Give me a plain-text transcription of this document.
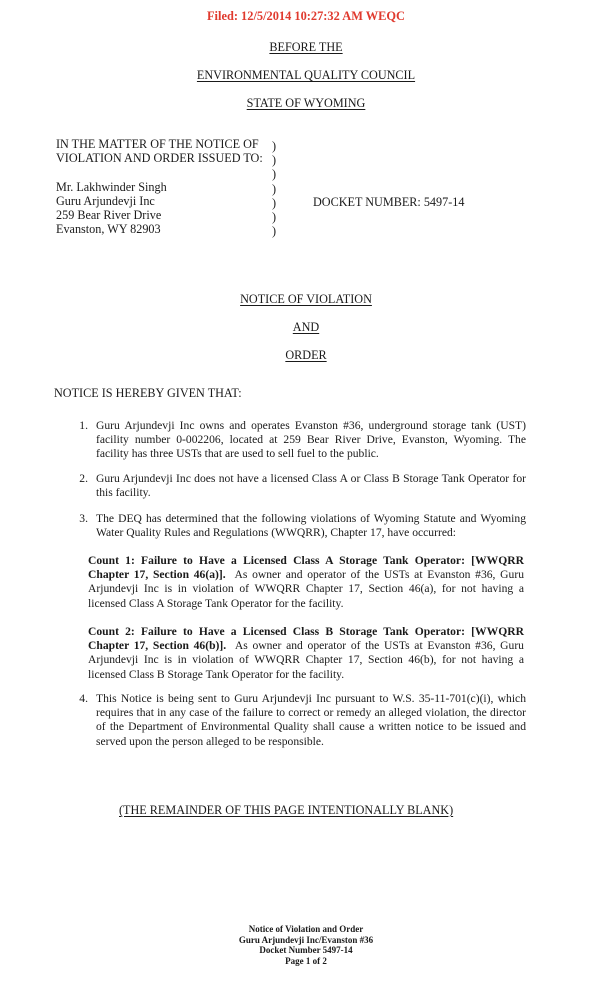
Filed: 12/5/2014 10:27:32 AM WEQC
BEFORE THE
ENVIRONMENTAL QUALITY COUNCIL
STATE OF WYOMING
IN THE MATTER OF THE NOTICE OF
VIOLATION AND ORDER ISSUED TO:

Mr. Lakhwinder Singh
Guru Arjundevji Inc
259 Bear River Drive
Evanston, WY 82903
)
)
)
)
)
)
)
DOCKET NUMBER: 5497-14
NOTICE OF VIOLATION
AND
ORDER
NOTICE IS HEREBY GIVEN THAT:
1. Guru Arjundevji Inc owns and operates Evanston #36, underground storage tank (UST) facility number 0-002206, located at 259 Bear River Drive, Evanston, Wyoming. The facility has three USTs that are used to sell fuel to the public.
2. Guru Arjundevji Inc does not have a licensed Class A or Class B Storage Tank Operator for this facility.
3. The DEQ has determined that the following violations of Wyoming Statute and Wyoming Water Quality Rules and Regulations (WWQRR), Chapter 17, have occurred:
Count 1: Failure to Have a Licensed Class A Storage Tank Operator: [WWQRR Chapter 17, Section 46(a)]. As owner and operator of the USTs at Evanston #36, Guru Arjundevji Inc is in violation of WWQRR Chapter 17, Section 46(a), for not having a licensed Class A Storage Tank Operator for the facility.
Count 2: Failure to Have a Licensed Class B Storage Tank Operator: [WWQRR Chapter 17, Section 46(b)]. As owner and operator of the USTs at Evanston #36, Guru Arjundevji Inc is in violation of WWQRR Chapter 17, Section 46(b), for not having a licensed Class B Storage Tank Operator for the facility.
4. This Notice is being sent to Guru Arjundevji Inc pursuant to W.S. 35-11-701(c)(i), which requires that in any case of the failure to correct or remedy an alleged violation, the director of the Department of Environmental Quality shall cause a written notice to be issued and served upon the person alleged to be responsible.
(THE REMAINDER OF THIS PAGE INTENTIONALLY BLANK)
Notice of Violation and Order
Guru Arjundevji Inc/Evanston #36
Docket Number 5497-14
Page 1 of 2
